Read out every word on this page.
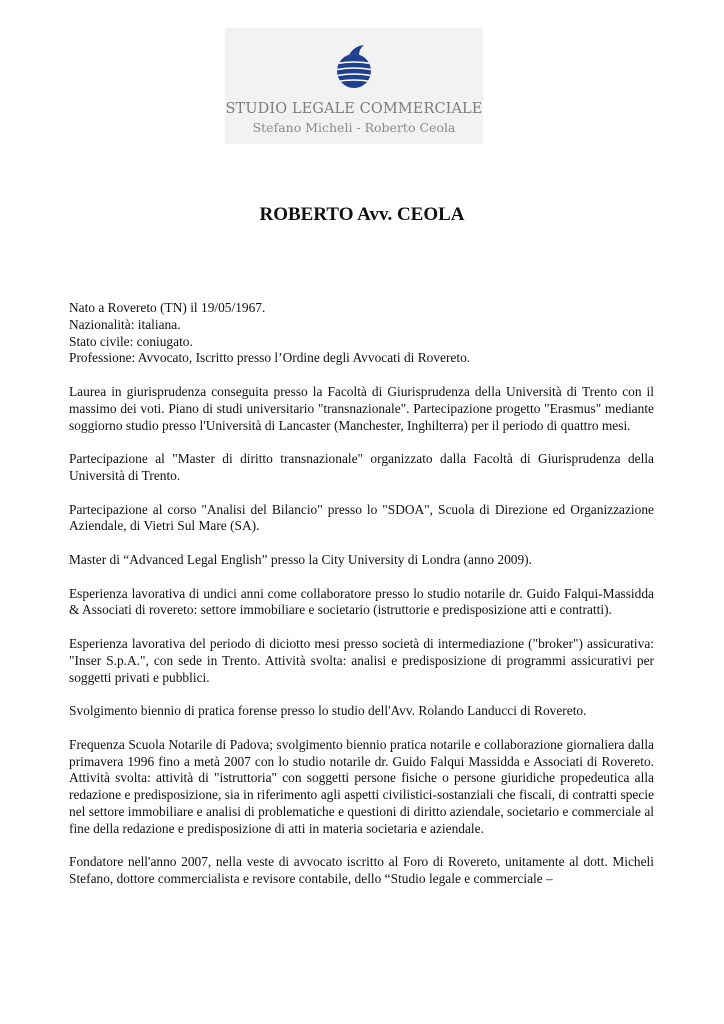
STUDIO LEGALE COMMERCIALE
Stefano Micheli - Roberto Ceola
ROBERTO Avv. CEOLA

Nato a Rovereto (TN) il 19/05/1967.

Nazionalità: italiana.

Stato civile: coniugato.

Professione: Avvocato, Iscritto presso l’Ordine degli Avvocati di Rovereto.

Laurea in giurisprudenza conseguita presso la Facoltà di Giurisprudenza della Università di Trento con il massimo dei voti. Piano di studi universitario "transnazionale". Partecipazione progetto "Erasmus" mediante soggiorno studio presso l'Università di Lancaster (Manchester, Inghilterra) per il periodo di quattro mesi.

Partecipazione al "Master di diritto transnazionale" organizzato dalla Facoltà di Giurisprudenza della Università di Trento.

Partecipazione al corso "Analisi del Bilancio" presso lo "SDOA", Scuola di Direzione ed Organizzazione Aziendale, di Vietri Sul Mare (SA).

Master di “Advanced Legal English” presso la City University di Londra (anno 2009).

Esperienza lavorativa di undici anni come collaboratore presso lo studio notarile dr. Guido Falqui-Massidda & Associati di rovereto: settore immobiliare e societario (istruttorie e predisposizione atti e contratti).

Esperienza lavorativa del periodo di diciotto mesi presso società di intermediazione ("broker") assicurativa: "Inser S.p.A.", con sede in Trento. Attività svolta: analisi e predisposizione di programmi assicurativi per soggetti privati e pubblici.

Svolgimento biennio di pratica forense presso lo studio dell'Avv. Rolando Landucci di Rovereto.

Frequenza Scuola Notarile di Padova; svolgimento biennio pratica notarile e collaborazione giornaliera dalla primavera 1996 fino a metà 2007 con lo studio notarile dr. Guido Falqui Massidda e Associati di Rovereto. Attività svolta: attività di "istruttoria" con soggetti persone fisiche o persone giuridiche propedeutica alla redazione e predisposizione, sia in riferimento agli aspetti civilistici-sostanziali che fiscali, di contratti specie nel settore immobiliare e analisi di problematiche e questioni di diritto aziendale, societario e commerciale al fine della redazione e predisposizione di atti in materia societaria e aziendale.

Fondatore nell'anno 2007, nella veste di avvocato iscritto al Foro di Rovereto, unitamente al dott. Micheli Stefano, dottore commercialista e revisore contabile, dello “Studio legale e commerciale –
